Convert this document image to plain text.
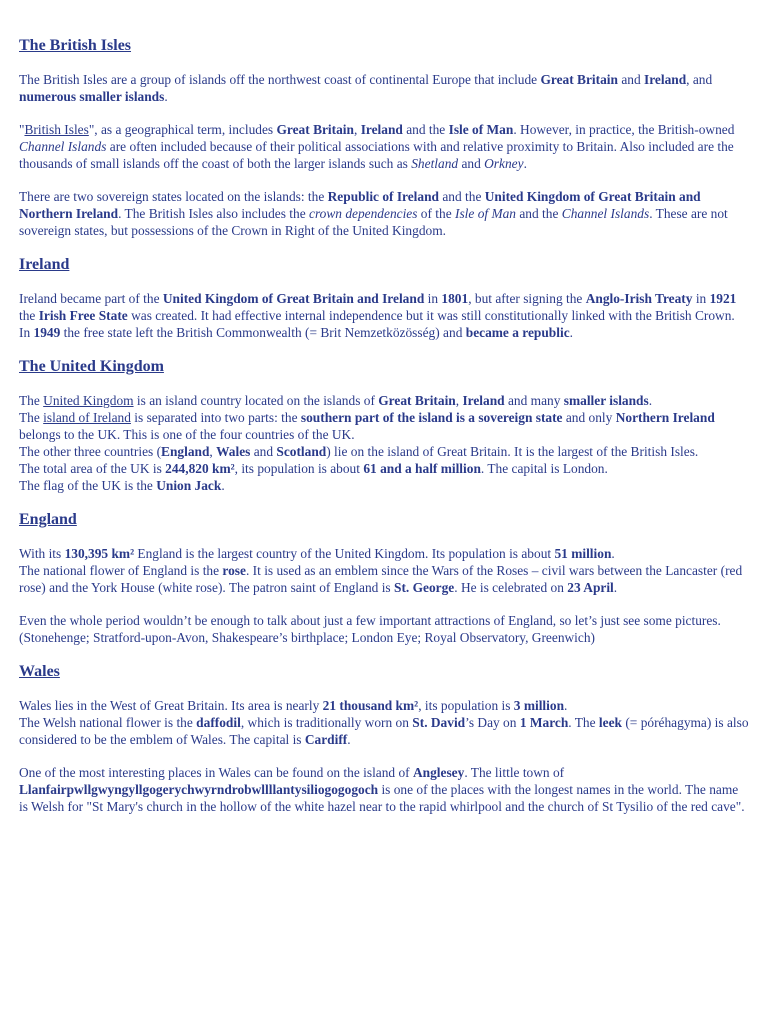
The British Isles

The British Isles are a group of islands off the northwest coast of continental Europe that include Great Britain and Ireland, and numerous smaller islands.

"British Isles", as a geographical term, includes Great Britain, Ireland and the Isle of Man. However, in practice, the British-owned Channel Islands are often included because of their political associations with and relative proximity to Britain. Also included are the thousands of small islands off the coast of both the larger islands such as Shetland and Orkney.

There are two sovereign states located on the islands: the Republic of Ireland and the United Kingdom of Great Britain and Northern Ireland. The British Isles also includes the crown dependencies of the Isle of Man and the Channel Islands. These are not sovereign states, but possessions of the Crown in Right of the United Kingdom.

Ireland

Ireland became part of the United Kingdom of Great Britain and Ireland in 1801, but after signing the Anglo-Irish Treaty in 1921 the Irish Free State was created. It had effective internal independence but it was still constitutionally linked with the British Crown. In 1949 the free state left the British Commonwealth (= Brit Nemzetközösség) and became a republic.

The United Kingdom

The United Kingdom is an island country located on the islands of Great Britain, Ireland and many smaller islands.
The island of Ireland is separated into two parts: the southern part of the island is a sovereign state and only Northern Ireland belongs to the UK. This is one of the four countries of the UK.
The other three countries (England, Wales and Scotland) lie on the island of Great Britain. It is the largest of the British Isles.
The total area of the UK is 244,820 km², its population is about 61 and a half million. The capital is London.
The flag of the UK is the Union Jack.

England

With its 130,395 km² England is the largest country of the United Kingdom. Its population is about 51 million.
The national flower of England is the rose. It is used as an emblem since the Wars of the Roses – civil wars between the Lancaster (red rose) and the York House (white rose). The patron saint of England is St. George. He is celebrated on 23 April.

Even the whole period wouldn’t be enough to talk about just a few important attractions of England, so let’s just see some pictures. (Stonehenge; Stratford-upon-Avon, Shakespeare’s birthplace; London Eye; Royal Observatory, Greenwich)

Wales

Wales lies in the West of Great Britain. Its area is nearly 21 thousand km², its population is 3 million.
The Welsh national flower is the daffodil, which is traditionally worn on St. David’s Day on 1 March. The leek (= póréhagyma) is also considered to be the emblem of Wales. The capital is Cardiff.

One of the most interesting places in Wales can be found on the island of Anglesey. The little town of Llanfairpwllgwyngyllgogerychwyrndrobwllllantysiliogogogoch is one of the places with the longest names in the world. The name is Welsh for "St Mary's church in the hollow of the white hazel near to the rapid whirlpool and the church of St Tysilio of the red cave".
